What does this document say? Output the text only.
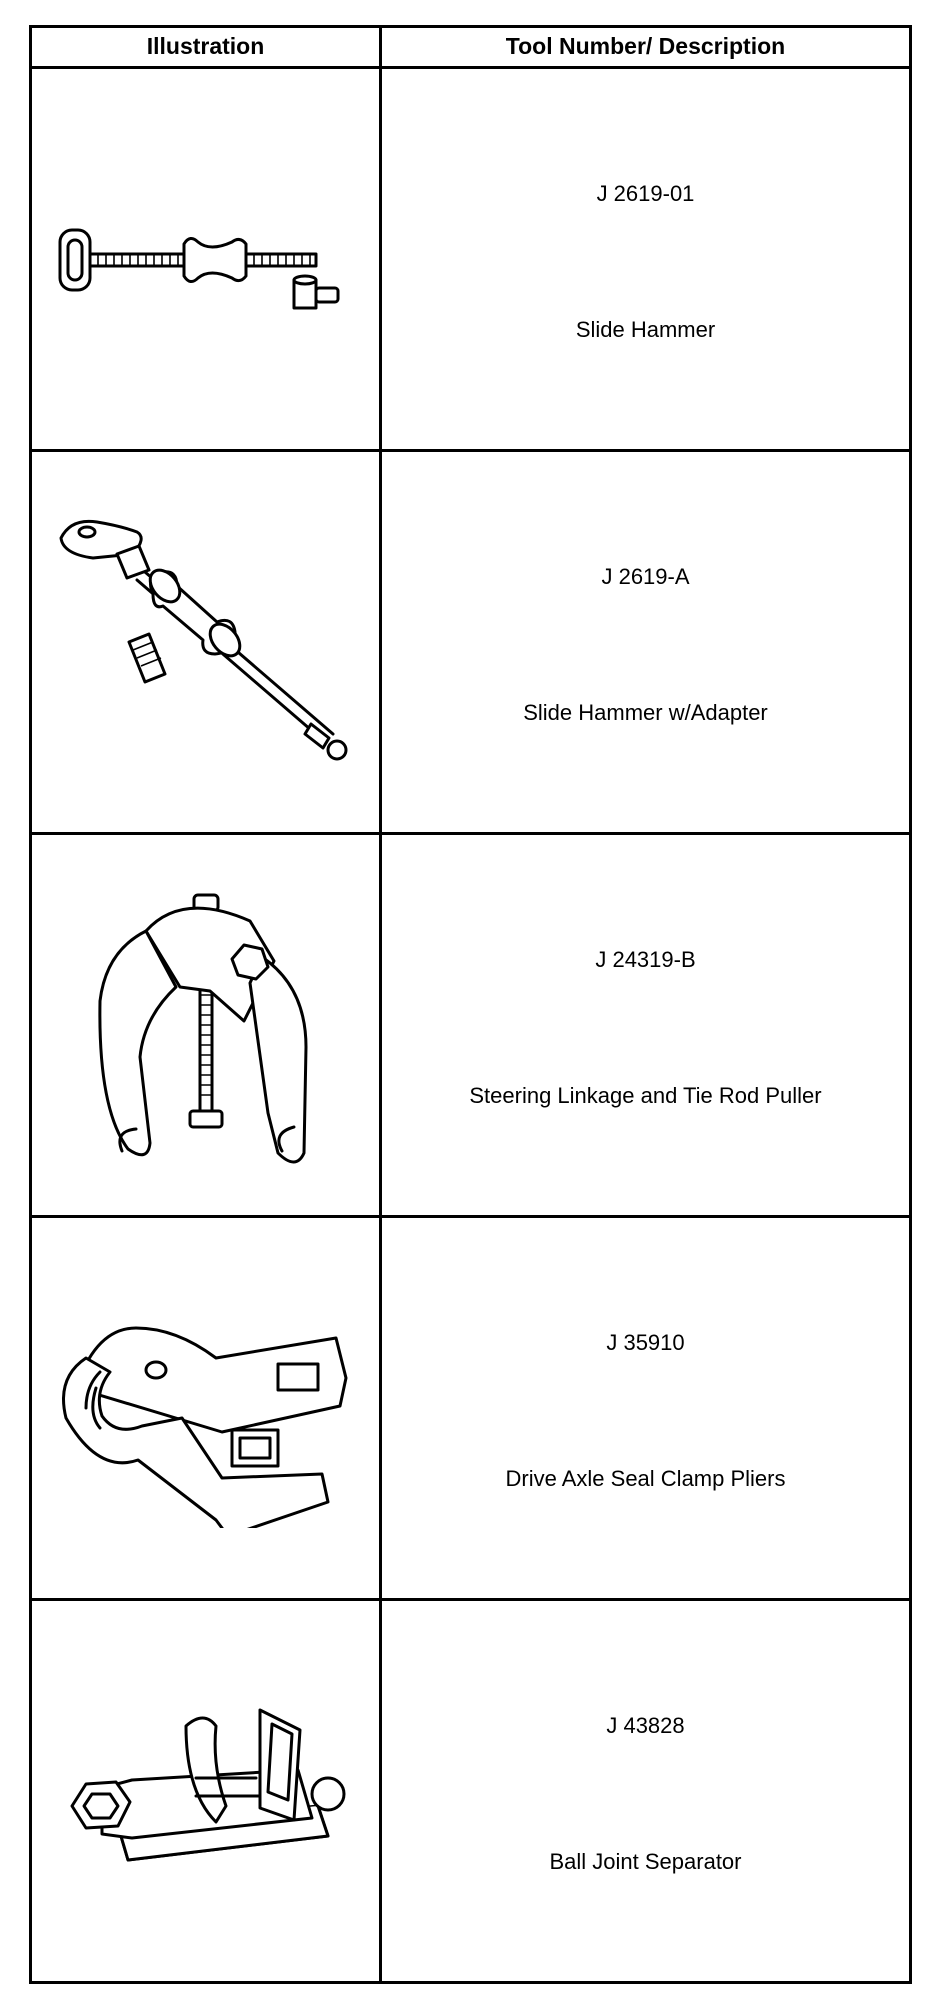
Illustration	Tool Number/ Description

J 2619-01
Slide Hammer

J 2619-A
Slide Hammer w/Adapter

J 24319-B
Steering Linkage and Tie Rod Puller

J 35910
Drive Axle Seal Clamp Pliers

J 43828
Ball Joint Separator
